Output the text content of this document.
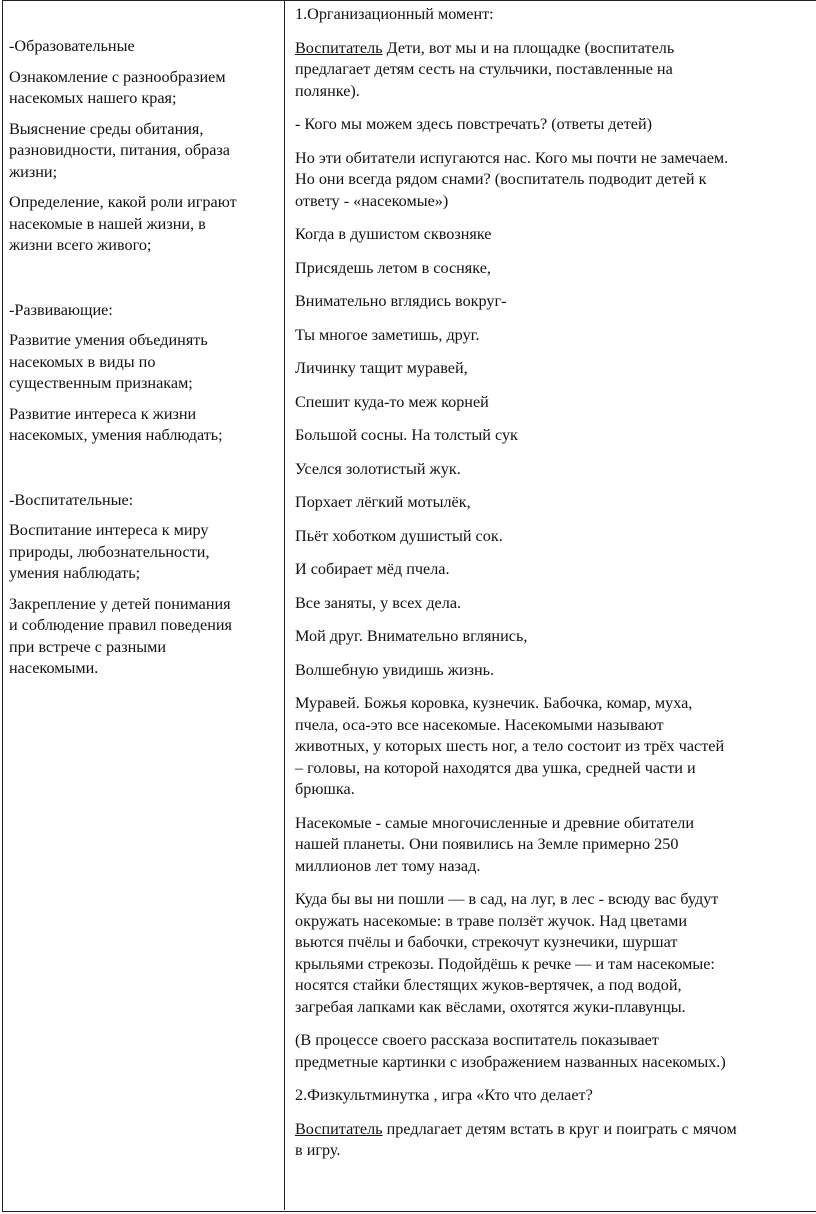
-Образовательные

Ознакомление с разнообразием

насекомых нашего края;

Выяснение среды обитания,

разновидности, питания, образа

жизни;

Определение, какой роли играют

насекомые в нашей жизни, в

жизни всего живого;

-Развивающие:

Развитие умения объединять

насекомых в виды по

существенным признакам;

Развитие интереса к жизни

насекомых, умения наблюдать;

-Воспитательные:

Воспитание интереса к миру

природы, любознательности,

умения наблюдать;

Закрепление у детей понимания

и соблюдение правил поведения

при встрече с разными

насекомыми.

1.Организационный момент:

Воспитатель Дети, вот мы и на площадке (воспитатель

предлагает детям сесть на стульчики, поставленные на

полянке).

- Кого мы можем здесь повстречать? (ответы детей)

Но эти обитатели испугаются нас. Кого мы почти не замечаем.

Но они всегда рядом снами? (воспитатель подводит детей к

ответу - «насекомые»)

Когда в душистом сквозняке

Присядешь летом в сосняке,

Внимательно вглядись вокруг-

Ты многое заметишь, друг.

Личинку тащит муравей,

Спешит куда-то меж корней

Большой сосны. На толстый сук

Уселся золотистый жук.

Порхает лёгкий мотылёк,

Пьёт хоботком душистый сок.

И собирает мёд пчела.

Все заняты, у всех дела.

Мой друг. Внимательно вглянись,

Волшебную увидишь жизнь.

Муравей. Божья коровка, кузнечик. Бабочка, комар, муха,

пчела, оса-это все насекомые. Насекомыми называют

животных, у которых шесть ног, а тело состоит из трёх частей

– головы, на которой находятся два ушка, средней части и

брюшка.

Насекомые - самые многочисленные и древние обитатели

нашей планеты. Они появились на Земле примерно 250

миллионов лет тому назад.

Куда бы вы ни пошли — в сад, на луг, в лес - всюду вас будут

окружать насекомые: в траве ползёт жучок. Над цветами

вьются пчёлы и бабочки, стрекочут кузнечики, шуршат

крыльями стрекозы. Подойдёшь к речке — и там насекомые:

носятся стайки блестящих жуков-вертячек, а под водой,

загребая лапками как вёслами, охотятся жуки-плавунцы.

(В процессе своего рассказа воспитатель показывает

предметные картинки с изображением названных насекомых.)

2.Физкультминутка , игра «Кто что делает?

Воспитатель предлагает детям встать в круг и поиграть с мячом

в игру.
